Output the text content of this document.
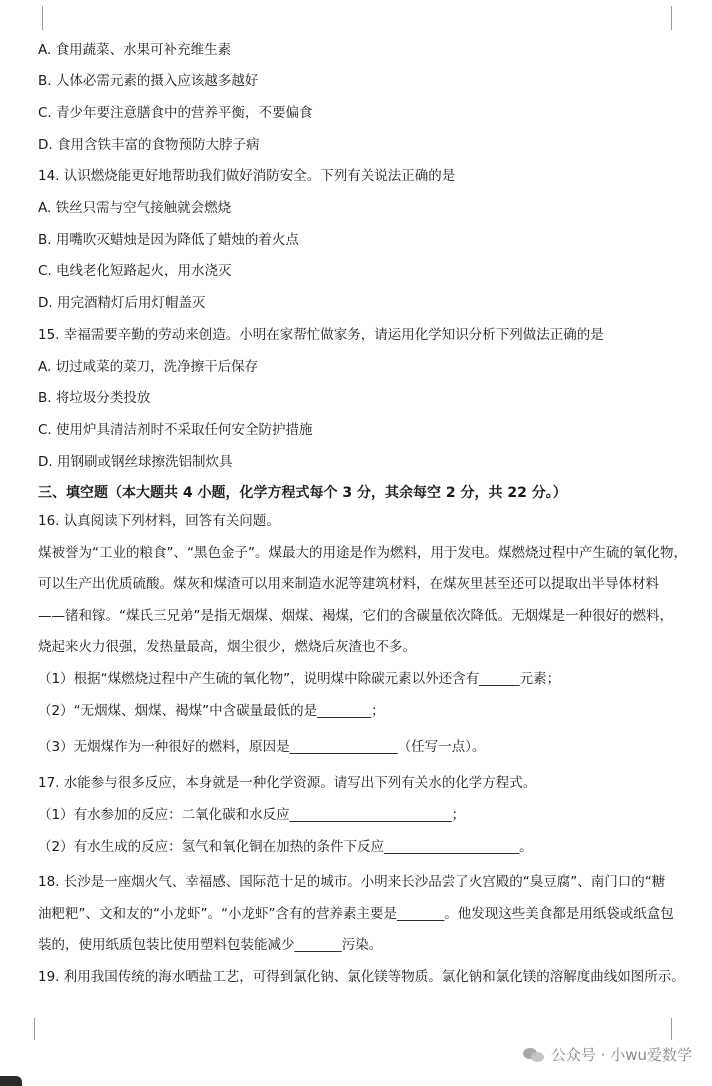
A. 食用蔬菜、水果可补充维生素
B. 人体必需元素的摄入应该越多越好
C. 青少年要注意膳食中的营养平衡，不要偏食
D. 食用含铁丰富的食物预防大脖子病
14. 认识燃烧能更好地帮助我们做好消防安全。下列有关说法正确的是
A. 铁丝只需与空气接触就会燃烧
B. 用嘴吹灭蜡烛是因为降低了蜡烛的着火点
C. 电线老化短路起火，用水浇灭
D. 用完酒精灯后用灯帽盖灭
15. 幸福需要辛勤的劳动来创造。小明在家帮忙做家务，请运用化学知识分析下列做法正确的是
A. 切过咸菜的菜刀，洗净擦干后保存
B. 将垃圾分类投放
C. 使用炉具清洁剂时不采取任何安全防护措施
D. 用钢刷或钢丝球擦洗铝制炊具
三、填空题（本大题共 4 小题，化学方程式每个 3 分，其余每空 2 分，共 22 分。）
16. 认真阅读下列材料，回答有关问题。
煤被誉为“工业的粮食”、“黑色金子”。煤最大的用途是作为燃料，用于发电。煤燃烧过程中产生硫的氧化物，
可以生产出优质硫酸。煤灰和煤渣可以用来制造水泥等建筑材料，在煤灰里甚至还可以提取出半导体材料
——锗和镓。“煤氏三兄弟”是指无烟煤、烟煤、褐煤，它们的含碳量依次降低。无烟煤是一种很好的燃料，
烧起来火力很强，发热量最高，烟尘很少，燃烧后灰渣也不多。
（1）根据“煤燃烧过程中产生硫的氧化物”，说明煤中除碳元素以外还含有______元素；
（2）“无烟煤、烟煤、褐煤”中含碳量最低的是________；
（3）无烟煤作为一种很好的燃料，原因是________________（任写一点）。
17. 水能参与很多反应，本身就是一种化学资源。请写出下列有关水的化学方程式。
（1）有水参加的反应：二氧化碳和水反应________________________；
（2）有水生成的反应：氢气和氧化铜在加热的条件下反应____________________。
18. 长沙是一座烟火气、幸福感、国际范十足的城市。小明来长沙品尝了火宫殿的“臭豆腐”、南门口的“糖
油粑粑”、文和友的“小龙虾”。“小龙虾”含有的营养素主要是_______。他发现这些美食都是用纸袋或纸盒包
装的，使用纸质包装比使用塑料包装能减少_______污染。
19. 利用我国传统的海水晒盐工艺，可得到氯化钠、氯化镁等物质。氯化钠和氯化镁的溶解度曲线如图所示。
公众号 · 小wu爱数学
